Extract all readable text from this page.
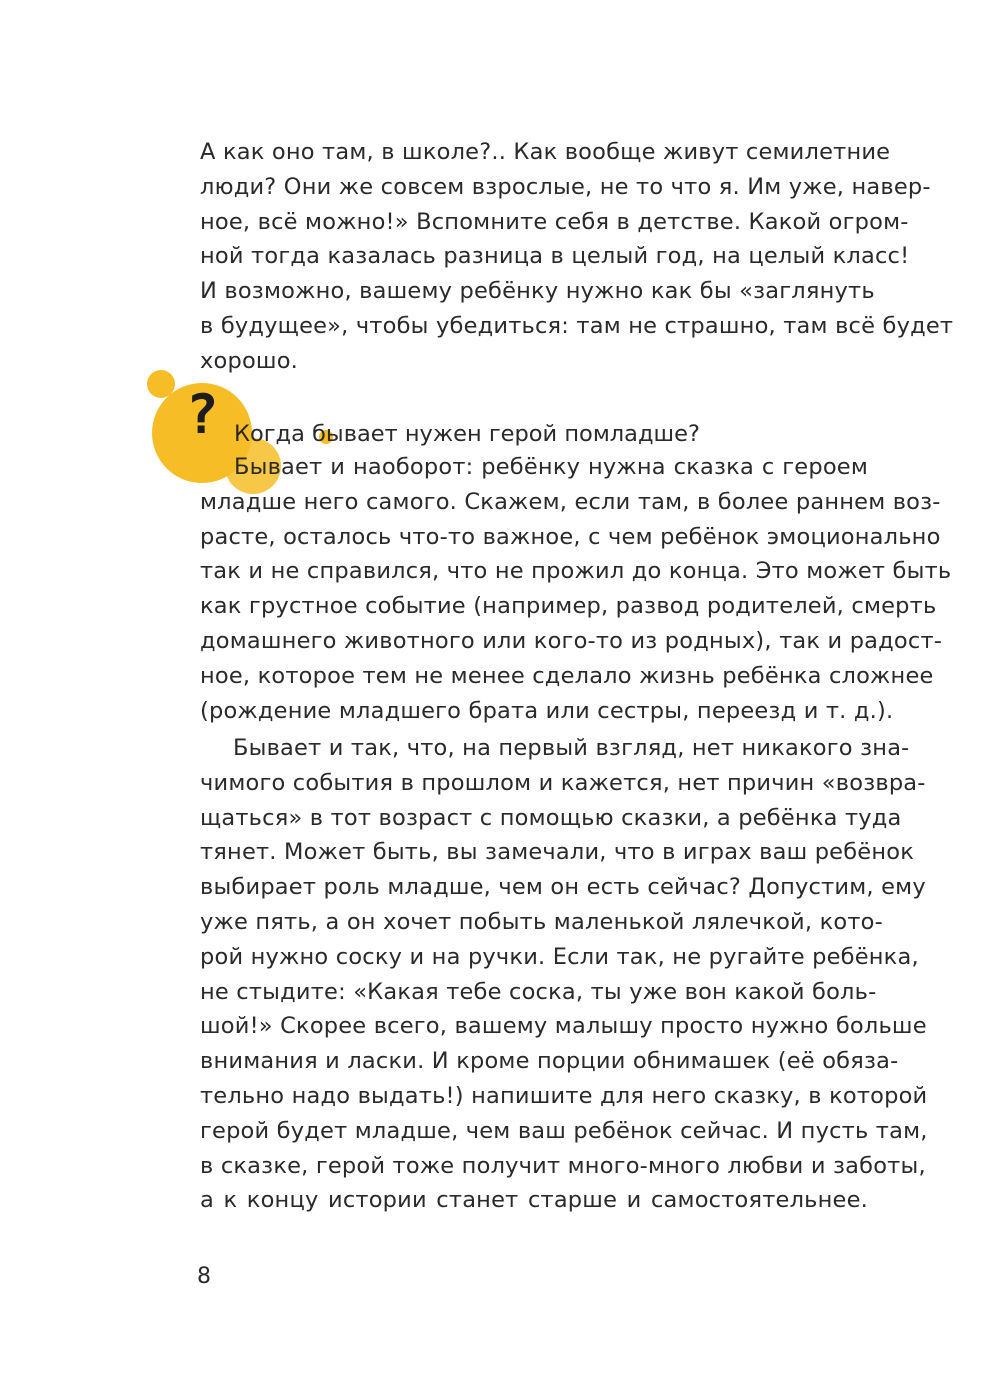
?
А как оно там, в школе?.. Как вообще живут семилетние
люди? Они же совсем взрослые, не то что я. Им уже, навер-
ное, всё можно!» Вспомните себя в детстве. Какой огром-
ной тогда казалась разница в целый год, на целый класс!
И возможно, вашему ребёнку нужно как бы «заглянуть
в будущее», чтобы убедиться: там не страшно, там всё будет
хорошо.
Когда бывает нужен герой помладше?
Бывает и наоборот: ребёнку нужна сказка с героем
младше него самого. Скажем, если там, в более раннем воз-
расте, осталось что-то важное, с чем ребёнок эмоционально
так и не справился, что не прожил до конца. Это может быть
как грустное событие (например, развод родителей, смерть
домашнего животного или кого-то из родных), так и радост-
ное, которое тем не менее сделало жизнь ребёнка сложнее
(рождение младшего брата или сестры, переезд и т. д.).
Бывает и так, что, на первый взгляд, нет никакого зна-
чимого события в прошлом и кажется, нет причин «возвра-
щаться» в тот возраст с помощью сказки, а ребёнка туда
тянет. Может быть, вы замечали, что в играх ваш ребёнок
выбирает роль младше, чем он есть сейчас? Допустим, ему
уже пять, а он хочет побыть маленькой лялечкой, кото-
рой нужно соску и на ручки. Если так, не ругайте ребёнка,
не стыдите: «Какая тебе соска, ты уже вон какой боль-
шой!» Скорее всего, вашему малышу просто нужно больше
внимания и ласки. И кроме порции обнимашек (её обяза-
тельно надо выдать!) напишите для него сказку, в которой
герой будет младше, чем ваш ребёнок сейчас. И пусть там,
в сказке, герой тоже получит много-много любви и заботы,
а к концу истории станет старше и самостоятельнее.
8
